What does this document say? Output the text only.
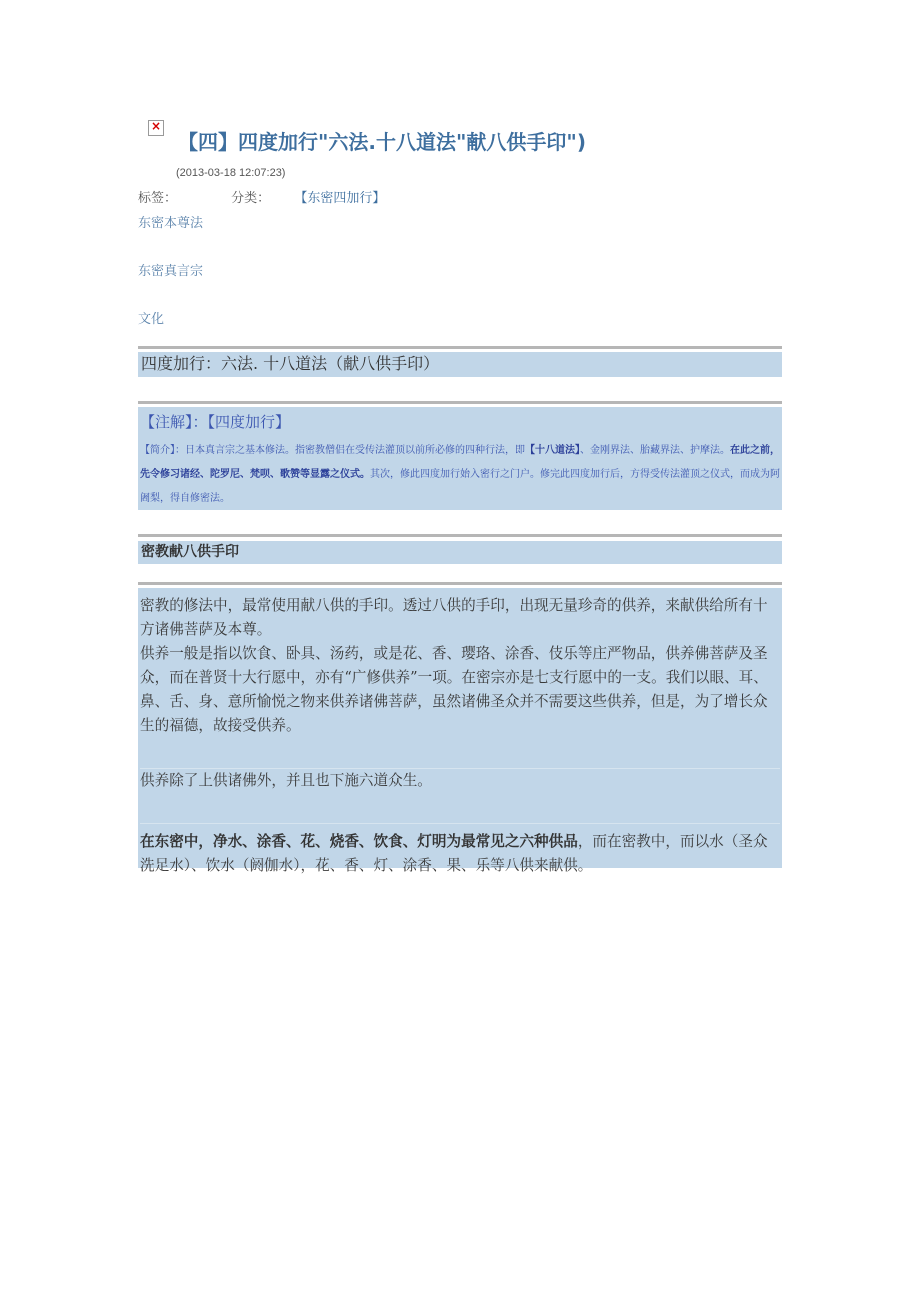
×
【四】四度加行"六法.十八道法"献八供手印")
(2013-03-18 12:07:23)
标签：	分类： 【东密四加行】
东密本尊法
东密真言宗
文化
四度加行：六法. 十八道法（献八供手印）
【注解】：【四度加行】
【简介】：日本真言宗之基本修法。指密教僧侣在受传法灌顶以前所必修的四种行法，即【十八道法】、金刚界法、胎藏界法、护摩法。在此之前，先令修习诸经、陀罗尼、梵呗、歌赞等显露之仪式。其次，修此四度加行始入密行之门户。修完此四度加行后，方得受传法灌顶之仪式，而成为阿阇梨，得自修密法。
密教献八供手印

密教的修法中，最常使用献八供的手印。透过八供的手印，出现无量珍奇的供养，来献供给所有十方诸佛菩萨及本尊。

供养一般是指以饮食、卧具、汤药，或是花、香、璎珞、涂香、伎乐等庄严物品，供养佛菩萨及圣众，而在普贤十大行愿中，亦有“广修供养”一项。在密宗亦是七支行愿中的一支。我们以眼、耳、鼻、舌、身、意所愉悦之物来供养诸佛菩萨，虽然诸佛圣众并不需要这些供养，但是，为了增长众生的福德，故接受供养。

供养除了上供诸佛外，并且也下施六道众生。

在东密中，净水、涂香、花、烧香、饮食、灯明为最常见之六种供品，而在密教中，而以水（圣众洗足水）、饮水（阏伽水），花、香、灯、涂香、果、乐等八供来献供。
